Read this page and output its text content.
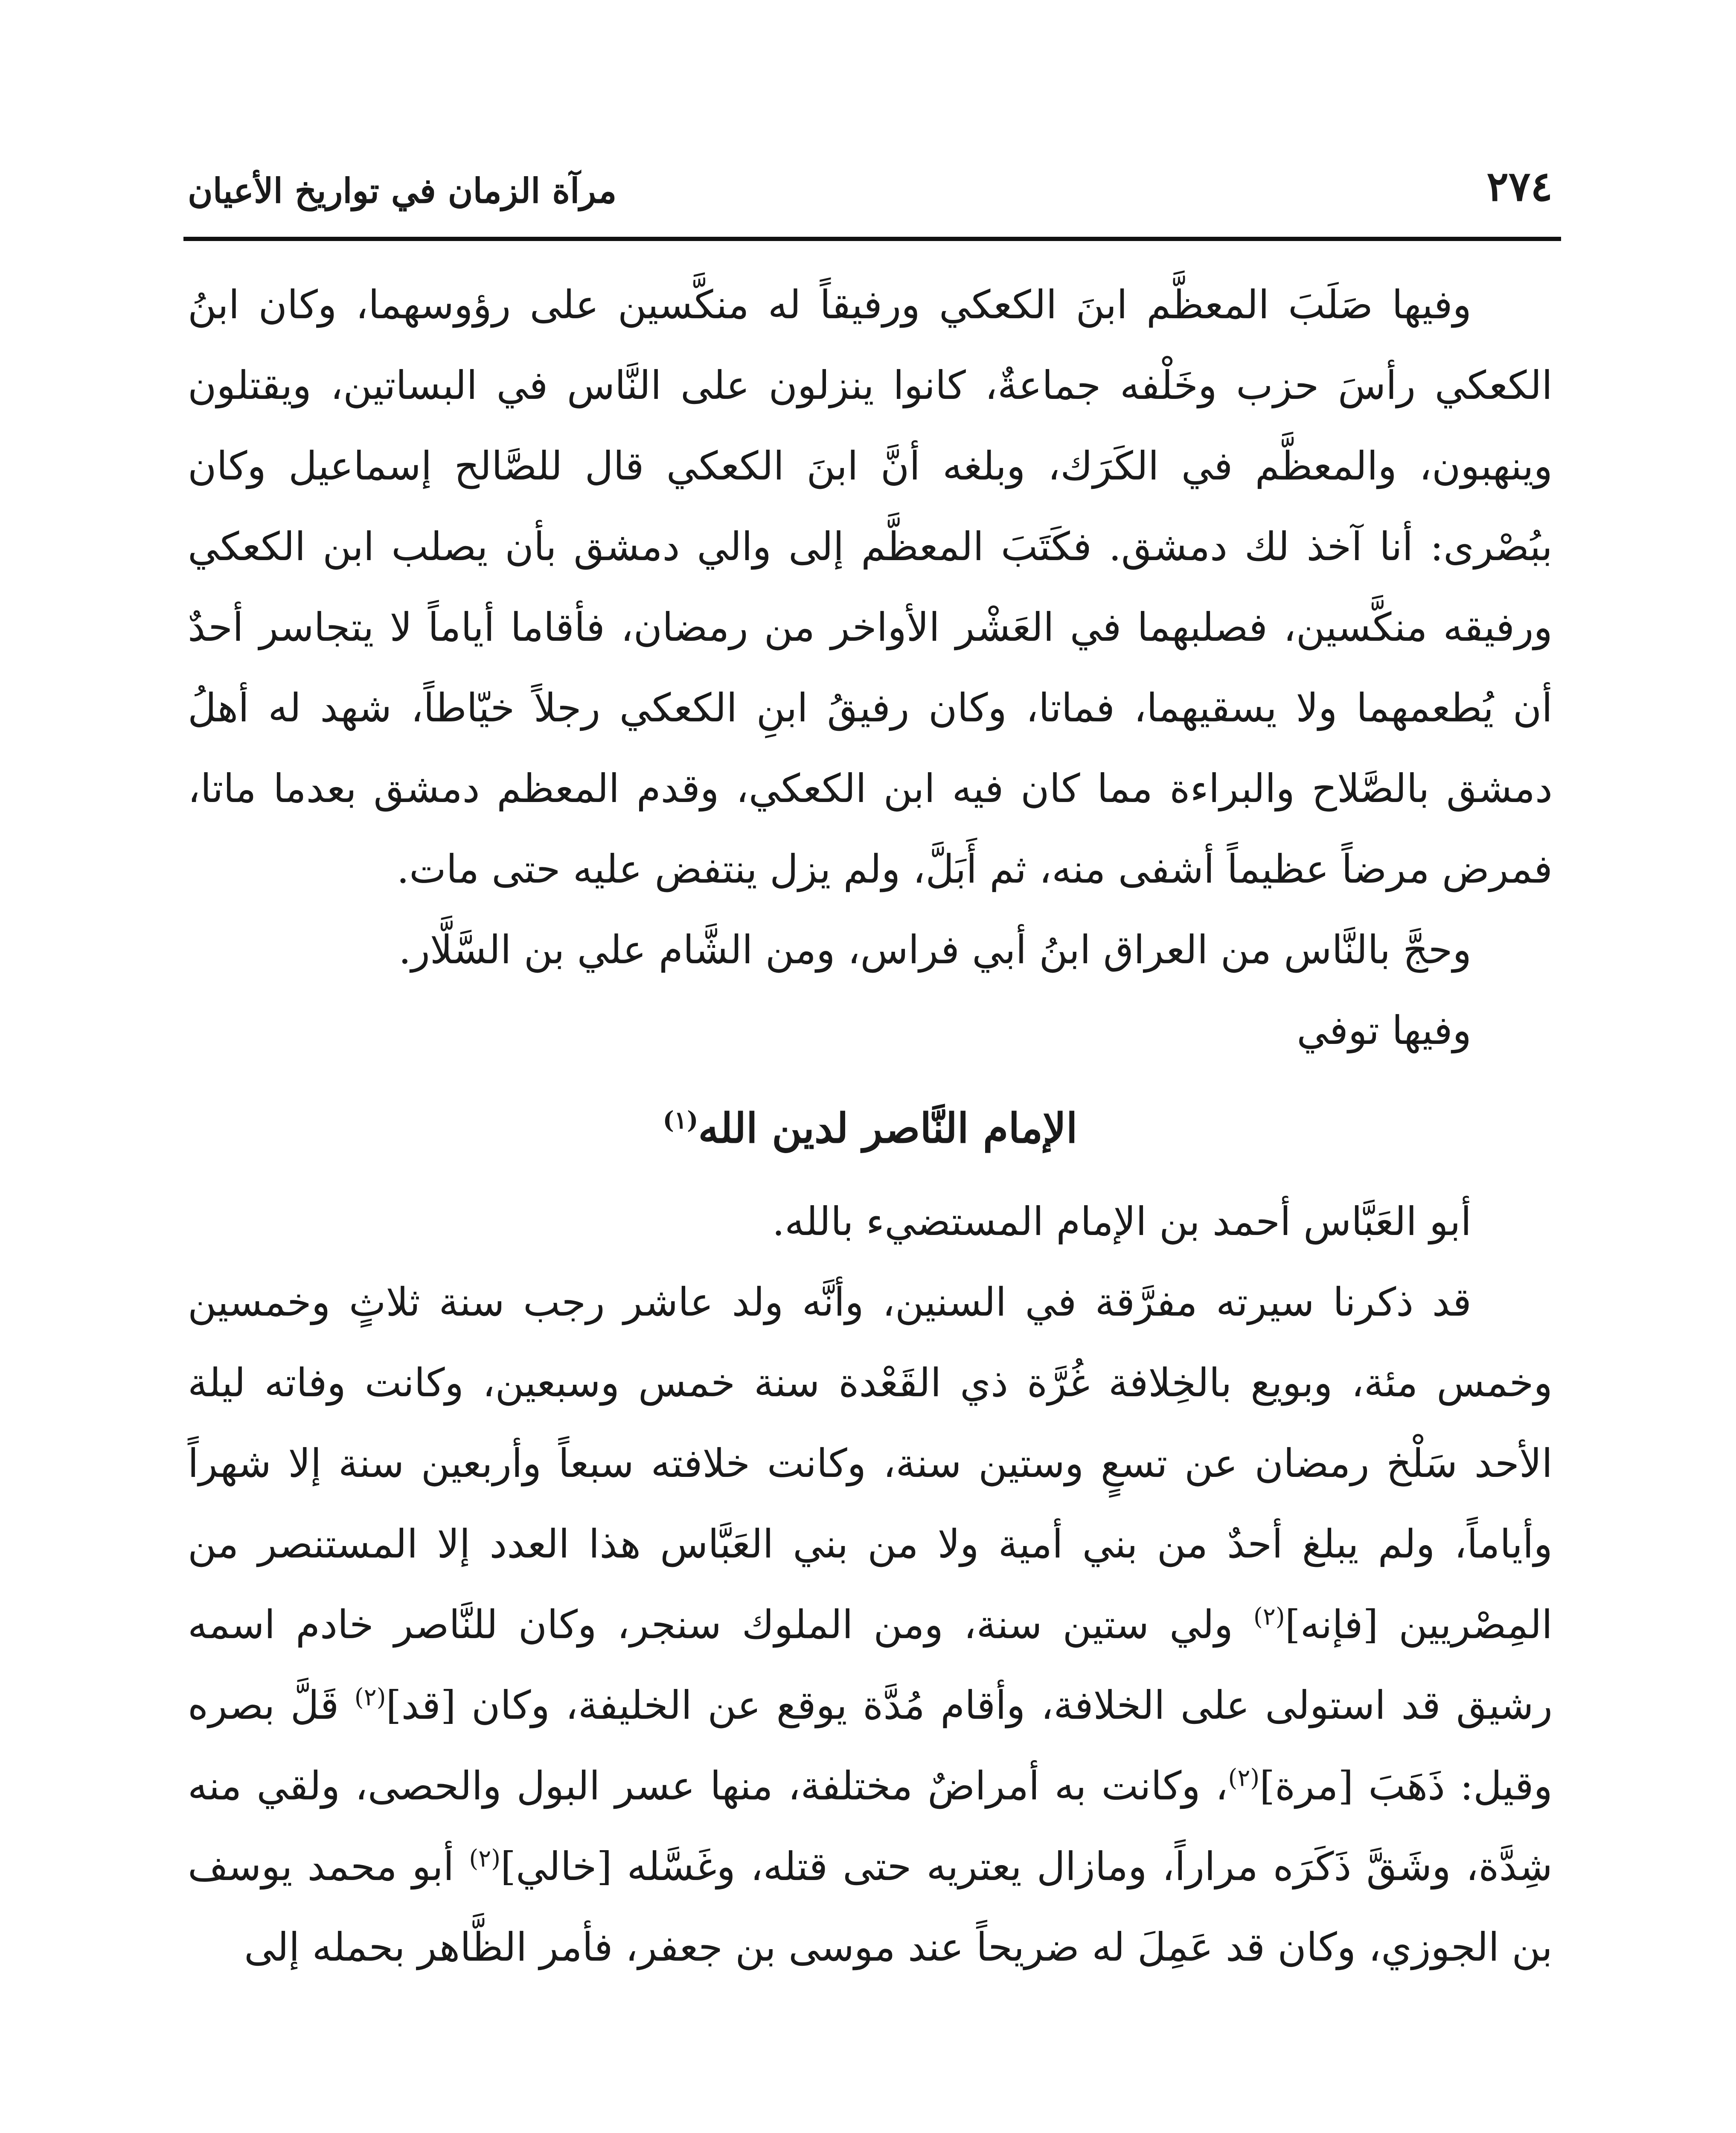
٢٧٤
مرآة الزمان في تواريخ الأعيان

وفيها صَلَبَ المعظَّم ابنَ الكعكي ورفيقاً له منكَّسين على رؤوسهما، وكان ابنُ الكعكي رأسَ حزب وخَلْفه جماعةٌ، كانوا ينزلون على النَّاس في البساتين، ويقتلون وينهبون، والمعظَّم في الكَرَك، وبلغه أنَّ ابنَ الكعكي قال للصَّالح إسماعيل وكان ببُصْرى: أنا آخذ لك دمشق. فكَتَبَ المعظَّم إلى والي دمشق بأن يصلب ابن الكعكي ورفيقه منكَّسين، فصلبهما في العَشْر الأواخر من رمضان، فأقاما أياماً لا يتجاسر أحدٌ أن يُطعمهما ولا يسقيهما، فماتا، وكان رفيقُ ابنِ الكعكي رجلاً خيّاطاً، شهد له أهلُ دمشق بالصَّلاح والبراءة مما كان فيه ابن الكعكي، وقدم المعظم دمشق بعدما ماتا، فمرض مرضاً عظيماً أشفى منه، ثم أَبَلَّ، ولم يزل ينتفض عليه حتى مات.

وحجَّ بالنَّاس من العراق ابنُ أبي فراس، ومن الشَّام علي بن السَّلَّار.

وفيها توفي

الإمام النَّاصر لدين الله$^{(١)}$

أبو العَبَّاس أحمد بن الإمام المستضيء بالله.

قد ذكرنا سيرته مفرَّقة في السنين، وأنَّه ولد عاشر رجب سنة ثلاثٍ وخمسين وخمس مئة، وبويع بالخِلافة غُرَّة ذي القَعْدة سنة خمس وسبعين، وكانت وفاته ليلة الأحد سَلْخ رمضان عن تسعٍ وستين سنة، وكانت خلافته سبعاً وأربعين سنة إلا شهراً وأياماً، ولم يبلغ أحدٌ من بني أمية ولا من بني العَبَّاس هذا العدد إلا المستنصر من المِصْريين [فإنه]$^{(٢)}$ ولي ستين سنة، ومن الملوك سنجر، وكان للنَّاصر خادم اسمه رشيق قد استولى على الخلافة، وأقام مُدَّة يوقع عن الخليفة، وكان [قد]$^{(٢)}$ قَلَّ بصره وقيل: ذَهَبَ [مرة]$^{(٢)}$، وكانت به أمراضٌ مختلفة، منها عسر البول والحصى، ولقي منه شِدَّة، وشَقَّ ذَكَرَه مراراً، ومازال يعتريه حتى قتله، وغَسَّله [خالي]$^{(٢)}$ أبو محمد يوسف بن الجوزي، وكان قد عَمِلَ له ضريحاً عند موسى بن جعفر، فأمر الظَّاهر بحمله إلى
